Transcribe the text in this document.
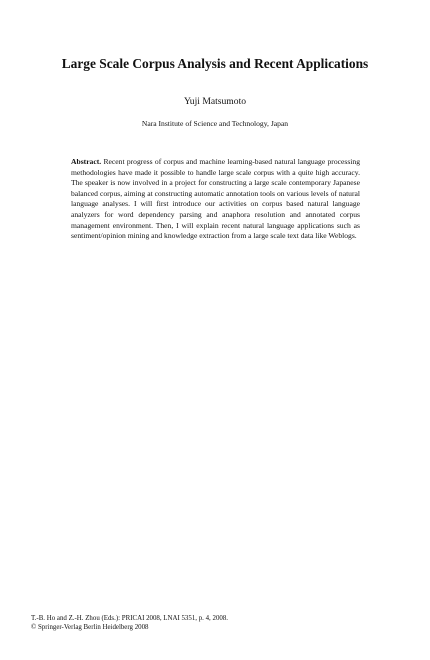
Large Scale Corpus Analysis and Recent Applications
Yuji Matsumoto
Nara Institute of Science and Technology, Japan

Abstract. Recent progress of corpus and machine learning-based natural language processing methodologies have made it possible to handle large scale corpus with a quite high accuracy. The speaker is now involved in a project for constructing a large scale contemporary Japanese balanced corpus, aiming at constructing automatic annotation tools on various levels of natural language analyses. I will first introduce our activities on corpus based natural language analyzers for word dependency parsing and anaphora resolution and annotated corpus management environment. Then, I will explain recent natural language applications such as sentiment/opinion mining and knowledge extraction from a large scale text data like Weblogs.

T.-B. Ho and Z.-H. Zhou (Eds.): PRICAI 2008, LNAI 5351, p. 4, 2008.
© Springer-Verlag Berlin Heidelberg 2008
